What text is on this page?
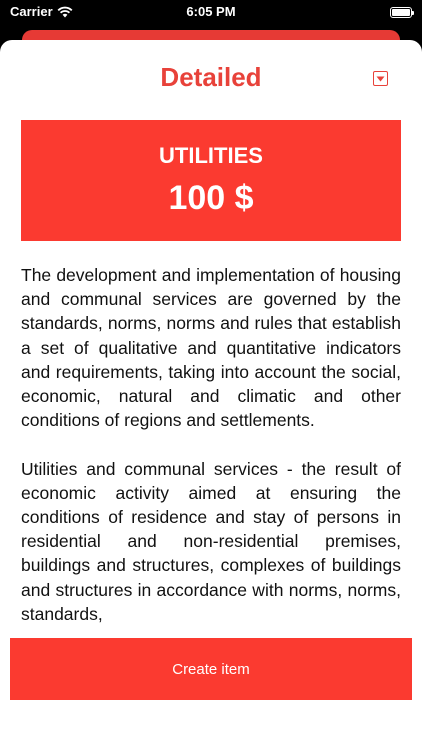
Carrier	6:05 PM
Detailed
UTILITIES
100 $
The development and implementation of housing and communal services are governed by the standards, norms, norms and rules that establish a set of qualitative and quantitative indicators and requirements, taking into account the social, economic, natural and climatic and other conditions of regions and settlements.

Utilities and communal services - the result of economic activity aimed at ensuring the conditions of residence and stay of persons in residential and non-residential premises, buildings and structures, complexes of buildings and structures in accordance with norms, norms, standards,
Create item
